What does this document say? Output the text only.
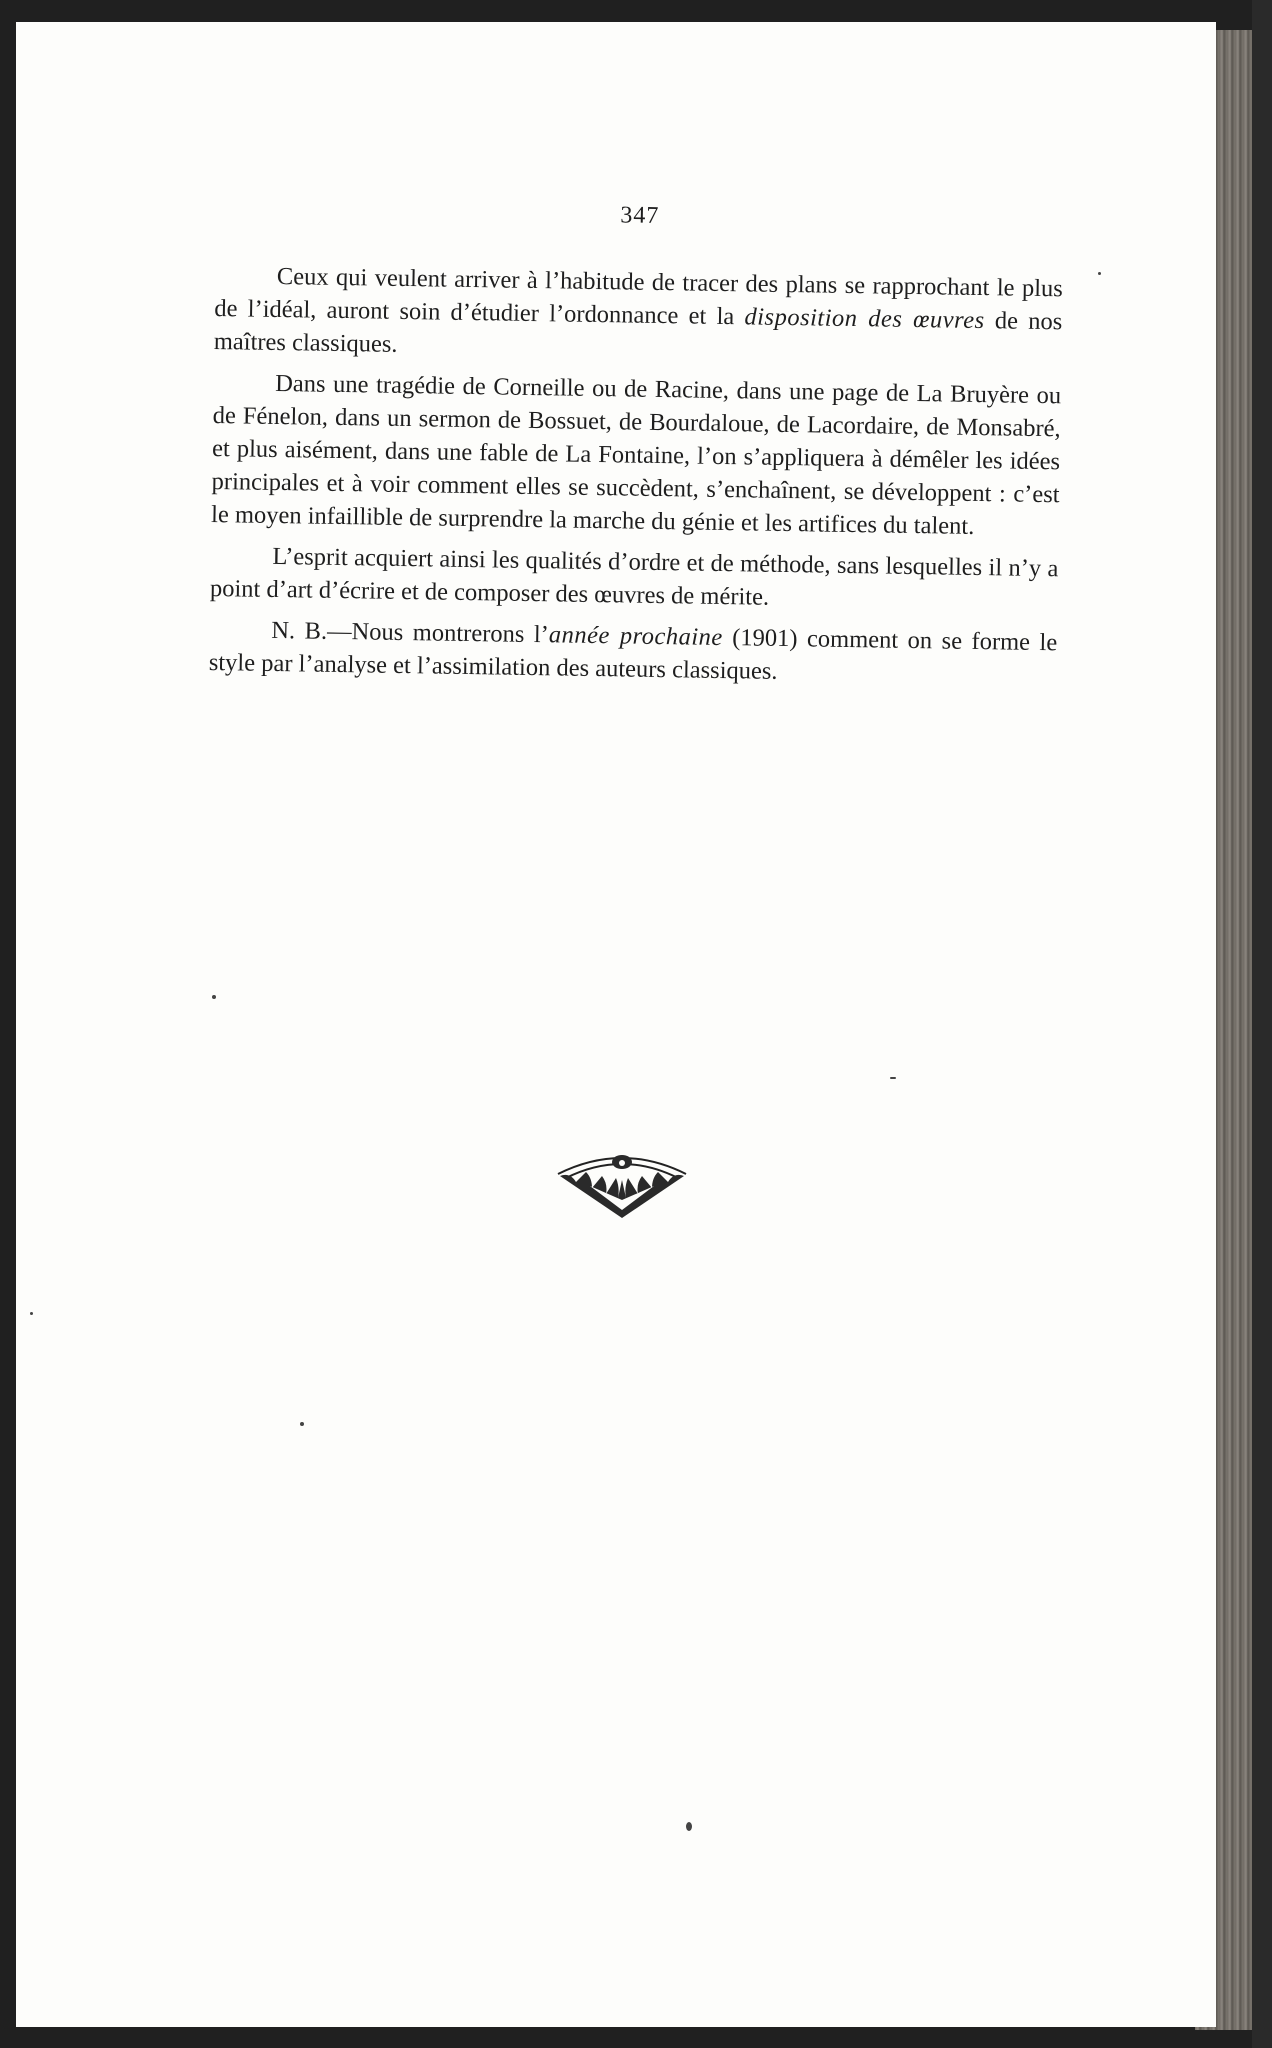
347

Ceux qui veulent arriver à l’habitude de tracer des plans se rapprochant le plus de l’idéal, auront soin d’étudier l’ordonnance et la disposition des œuvres de nos maîtres classiques.

Dans une tragédie de Corneille ou de Racine, dans une page de La Bruyère ou de Fénelon, dans un sermon de Bossuet, de Bourdaloue, de Lacordaire, de Monsabré, et plus aisément, dans une fable de La Fontaine, l’on s’appliquera à démêler les idées principales et à voir comment elles se succèdent, s’enchaînent, se développent : c’est le moyen infaillible de surprendre la marche du génie et les artifices du talent.

L’esprit acquiert ainsi les qualités d’ordre et de méthode, sans lesquelles il n’y a point d’art d’écrire et de composer des œuvres de mérite.

N. B.—Nous montrerons l’année prochaine (1901) comment on se forme le style par l’analyse et l’assimilation des auteurs classiques.
